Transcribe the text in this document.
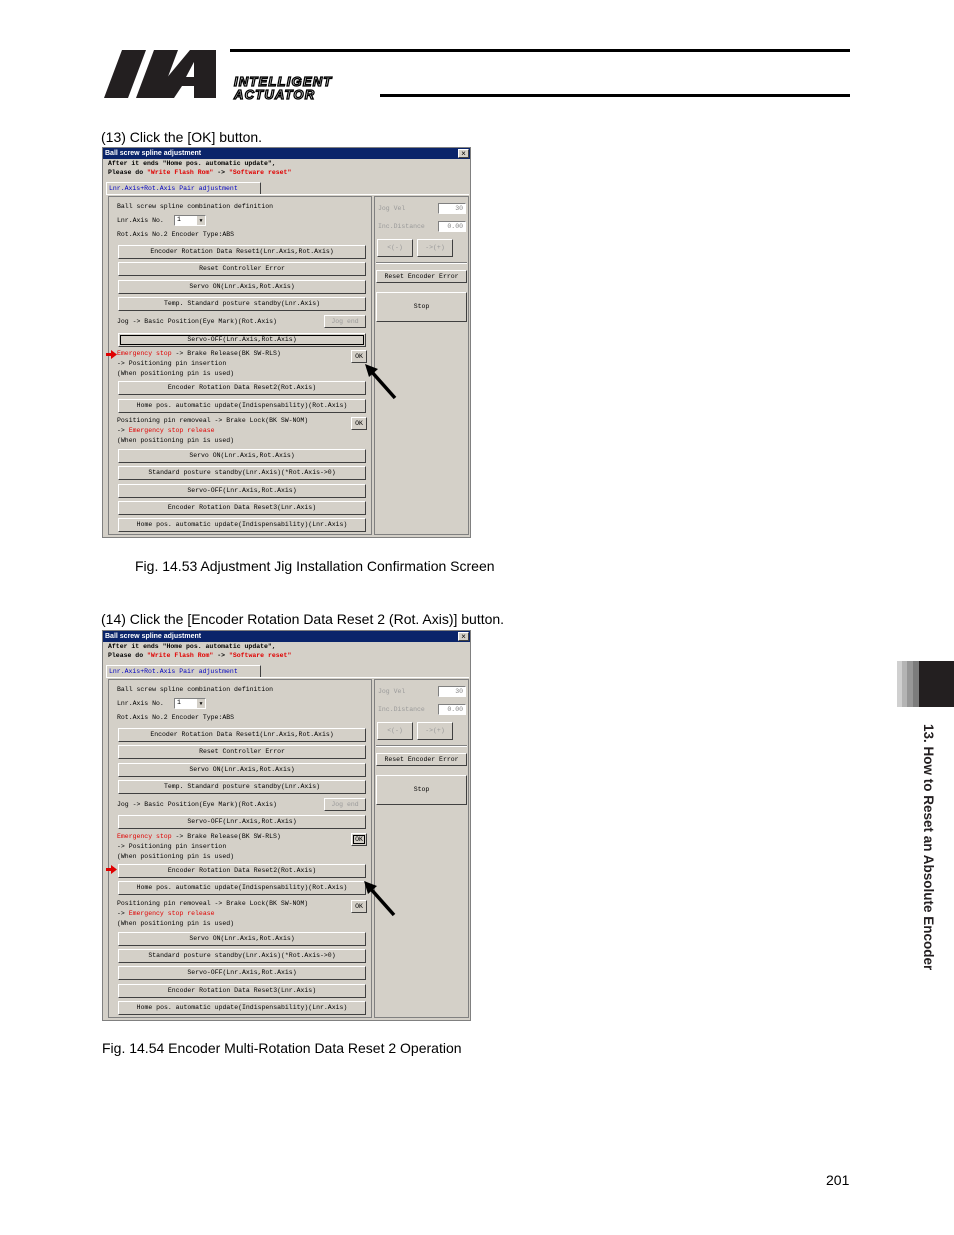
INTELLIGENT
ACTUATOR
(13) Click the [OK] button.
Ball screw spline adjustment	×
After it ends "Home pos. automatic update",
Please do "Write Flash Rom" -> "Software reset"
Lnr.Axis+Rot.Axis Pair adjustment
Ball screw spline combination definition
Lnr.Axis No.	1	▼
Rot.Axis No.2 Encoder Type:ABS
Encoder Rotation Data Reset1(Lnr.Axis,Rot.Axis)
Reset Controller Error
Servo ON(Lnr.Axis,Rot.Axis)
Temp. Standard posture standby(Lnr.Axis)
Jog -> Basic Position(Eye Mark)(Rot.Axis)	Jog end
Servo-OFF(Lnr.Axis,Rot.Axis)
Emergency stop -> Brake Release(BK SW-RLS)
-> Positioning pin insertion
(When positioning pin is used)
OK
Encoder Rotation Data Reset2(Rot.Axis)
Home pos. automatic update(Indispensability)(Rot.Axis)
Positioning pin removeal -> Brake Lock(BK SW-NOM)
-> Emergency stop release
(When positioning pin is used)
OK
Servo ON(Lnr.Axis,Rot.Axis)
Standard posture standby(Lnr.Axis)(*Rot.Axis->0)
Servo-OFF(Lnr.Axis,Rot.Axis)
Encoder Rotation Data Reset3(Lnr.Axis)
Home pos. automatic update(Indispensability)(Lnr.Axis)
Jog Vel	30
Inc.Distance	0.00
<(-)	->(+)
Reset Encoder Error
Stop
Fig. 14.53 Adjustment Jig Installation Confirmation Screen
(14) Click the [Encoder Rotation Data Reset 2 (Rot. Axis)] button.
Ball screw spline adjustment	×
After it ends "Home pos. automatic update",
Please do "Write Flash Rom" -> "Software reset"
Lnr.Axis+Rot.Axis Pair adjustment
Ball screw spline combination definition
Lnr.Axis No.	1	▼
Rot.Axis No.2 Encoder Type:ABS
Encoder Rotation Data Reset1(Lnr.Axis,Rot.Axis)
Reset Controller Error
Servo ON(Lnr.Axis,Rot.Axis)
Temp. Standard posture standby(Lnr.Axis)
Jog -> Basic Position(Eye Mark)(Rot.Axis)	Jog end
Servo-OFF(Lnr.Axis,Rot.Axis)
Emergency stop -> Brake Release(BK SW-RLS)
-> Positioning pin insertion
(When positioning pin is used)
OK
Encoder Rotation Data Reset2(Rot.Axis)
Home pos. automatic update(Indispensability)(Rot.Axis)
Positioning pin removeal -> Brake Lock(BK SW-NOM)
-> Emergency stop release
(When positioning pin is used)
OK
Servo ON(Lnr.Axis,Rot.Axis)
Standard posture standby(Lnr.Axis)(*Rot.Axis->0)
Servo-OFF(Lnr.Axis,Rot.Axis)
Encoder Rotation Data Reset3(Lnr.Axis)
Home pos. automatic update(Indispensability)(Lnr.Axis)
Jog Vel	30
Inc.Distance	0.00
<(-)	->(+)
Reset Encoder Error
Stop
Fig. 14.54 Encoder Multi-Rotation Data Reset 2 Operation
13. How to Reset an Absolute Encoder
201
